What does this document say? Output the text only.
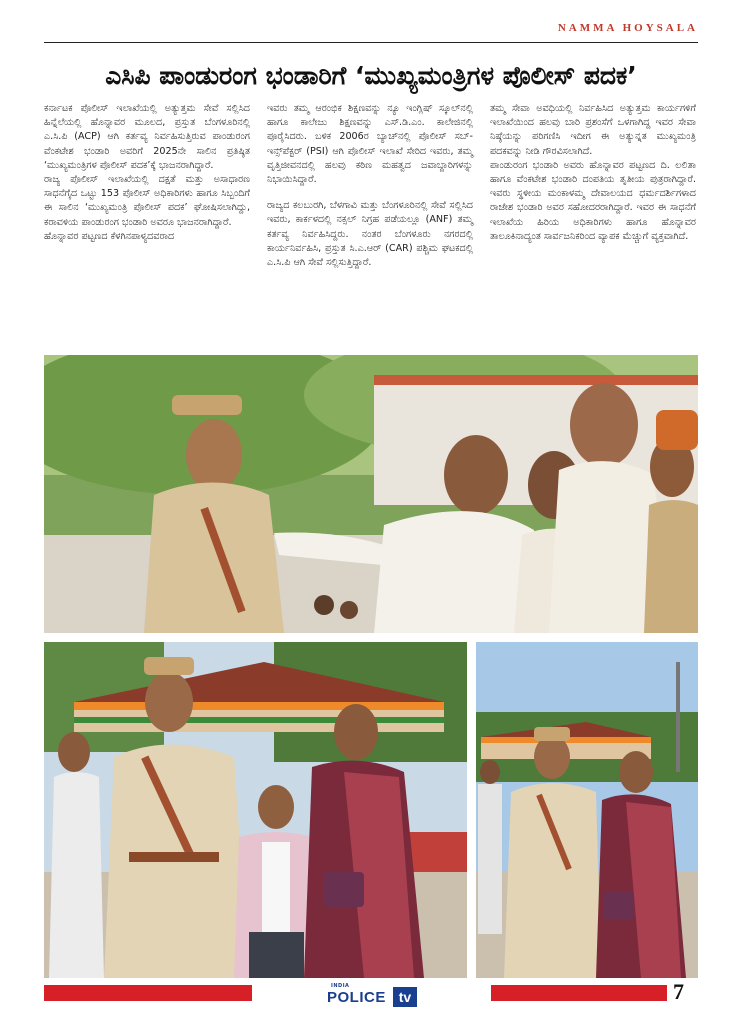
NAMMA HOYSALA
ಎಸಿಪಿ ಪಾಂಡುರಂಗ ಭಂಡಾರಿಗೆ ‘ಮುಖ್ಯಮಂತ್ರಿಗಳ ಪೊಲೀಸ್ ಪದಕ’

ಕರ್ನಾಟಕ ಪೊಲೀಸ್ ಇಲಾಖೆಯಲ್ಲಿ ಅತ್ಯುತ್ತಮ ಸೇವೆ ಸಲ್ಲಿಸಿದ ಹಿನ್ನೆಲೆಯಲ್ಲಿ ಹೊನ್ನಾವರ ಮೂಲದ, ಪ್ರಸ್ತುತ ಬೆಂಗಳೂರಿನಲ್ಲಿ ಎ.ಸಿ.ಪಿ (ACP) ಆಗಿ ಕರ್ತವ್ಯ ನಿರ್ವಹಿಸುತ್ತಿರುವ ಪಾಂಡುರಂಗ ವೆಂಕಟೇಶ ಭಂಡಾರಿ ಅವರಿಗೆ 2025ನೇ ಸಾಲಿನ ಪ್ರತಿಷ್ಠಿತ ‘ಮುಖ್ಯಮಂತ್ರಿಗಳ ಪೊಲೀಸ್ ಪದಕ’ಕ್ಕೆ ಭಾಜನರಾಗಿದ್ದಾರೆ.

ರಾಜ್ಯ ಪೊಲೀಸ್ ಇಲಾಖೆಯಲ್ಲಿ ದಕ್ಷತೆ ಮತ್ತು ಅಸಾಧಾರಣ ಸಾಧನೆಗೈದ ಒಟ್ಟು 153 ಪೊಲೀಸ್ ಅಧಿಕಾರಿಗಳು ಹಾಗೂ ಸಿಬ್ಬಂದಿಗೆ ಈ ಸಾಲಿನ ‘ಮುಖ್ಯಮಂತ್ರಿ ಪೊಲೀಸ್ ಪದಕ’ ಘೋಷಿಸಲಾಗಿದ್ದು, ಕರಾವಳಿಯ ಪಾಂಡುರಂಗ ಭಂಡಾರಿ ಅವರೂ ಭಾಜನರಾಗಿದ್ದಾರೆ.

ಹೊನ್ನಾವರ ಪಟ್ಟಣದ ಕೆಳಗಿನಪಾಳ್ಯದವರಾದ

ಇವರು ತಮ್ಮ ಆರಂಭಿಕ ಶಿಕ್ಷಣವನ್ನು ನ್ಯೂ ಇಂಗ್ಲಿಷ್ ಸ್ಕೂಲ್‌ನಲ್ಲಿ ಹಾಗೂ ಕಾಲೇಜು ಶಿಕ್ಷಣವನ್ನು ಎಸ್.ಡಿ.ಎಂ. ಕಾಲೇಜಿನಲ್ಲಿ ಪೂರೈಸಿದರು. ಬಳಿಕ 2006ರ ಬ್ಯಾಚ್‌ನಲ್ಲಿ ಪೊಲೀಸ್ ಸಬ್-ಇನ್ಸ್‌ಪೆಕ್ಟರ್ (PSI) ಆಗಿ ಪೊಲೀಸ್ ಇಲಾಖೆ ಸೇರಿದ ಇವರು, ತಮ್ಮ ವೃತ್ತಿಜೀವನದಲ್ಲಿ ಹಲವು ಕಠಿಣ ಮಹತ್ವದ ಜವಾಬ್ದಾರಿಗಳನ್ನು ನಿಭಾಯಿಸಿದ್ದಾರೆ.

ರಾಜ್ಯದ ಕಲಬುರಗಿ, ಬೆಳಗಾವಿ ಮತ್ತು ಬೆಂಗಳೂರಿನಲ್ಲಿ ಸೇವೆ ಸಲ್ಲಿಸಿದ ಇವರು, ಕಾರ್ಕಳದಲ್ಲಿ ನಕ್ಸಲ್ ನಿಗ್ರಹ ಪಡೆಯಲ್ಲೂ (ANF) ತಮ್ಮ ಕರ್ತವ್ಯ ನಿರ್ವಹಿಸಿದ್ದರು. ನಂತರ ಬೆಂಗಳೂರು ನಗರದಲ್ಲಿ ಕಾರ್ಯನಿರ್ವಹಿಸಿ, ಪ್ರಸ್ತುತ ಸಿ.ಎ.ಆರ್ (CAR) ಪಶ್ಚಿಮ ಘಟಕದಲ್ಲಿ ಎ.ಸಿ.ಪಿ ಆಗಿ ಸೇವೆ ಸಲ್ಲಿಸುತ್ತಿದ್ದಾರೆ.

ತಮ್ಮ ಸೇವಾ ಅವಧಿಯಲ್ಲಿ ನಿರ್ವಹಿಸಿದ ಅತ್ಯುತ್ತಮ ಕಾರ್ಯಗಳಿಗೆ ಇಲಾಖೆಯಿಂದ ಹಲವು ಬಾರಿ ಪ್ರಶಂಸೆಗೆ ಒಳಗಾಗಿದ್ದ ಇವರ ಸೇವಾ ನಿಷ್ಠೆಯನ್ನು ಪರಿಗಣಿಸಿ ಇದೀಗ ಈ ಅತ್ಯುನ್ನತ ಮುಖ್ಯಮಂತ್ರಿ ಪದಕವನ್ನು ನೀಡಿ ಗೌರವಿಸಲಾಗಿದೆ.

ಪಾಂಡುರಂಗ ಭಂಡಾರಿ ಅವರು ಹೊನ್ನಾವರ ಪಟ್ಟಣದ ದಿ. ಲಲಿತಾ ಹಾಗೂ ವೆಂಕಟೇಶ ಭಂಡಾರಿ ದಂಪತಿಯ ತೃತೀಯ ಪುತ್ರರಾಗಿದ್ದಾರೆ. ಇವರು ಸ್ಥಳೀಯ ಮಂಕಾಳಮ್ಮ ದೇವಾಲಯದ ಧರ್ಮದರ್ಶಿಗಳಾದ ರಾಜೇಶ ಭಂಡಾರಿ ಅವರ ಸಹೋದರರಾಗಿದ್ದಾರೆ. ಇವರ ಈ ಸಾಧನೆಗೆ ಇಲಾಖೆಯ ಹಿರಿಯ ಅಧಿಕಾರಿಗಳು ಹಾಗೂ ಹೊನ್ನಾವರ ತಾಲೂಕಿನಾದ್ಯಂತ ಸಾರ್ವಜನಿಕರಿಂದ ವ್ಯಾಪಕ ಮೆಚ್ಚುಗೆ ವ್ಯಕ್ತವಾಗಿದೆ.

INDIA
POLICE tv	7
